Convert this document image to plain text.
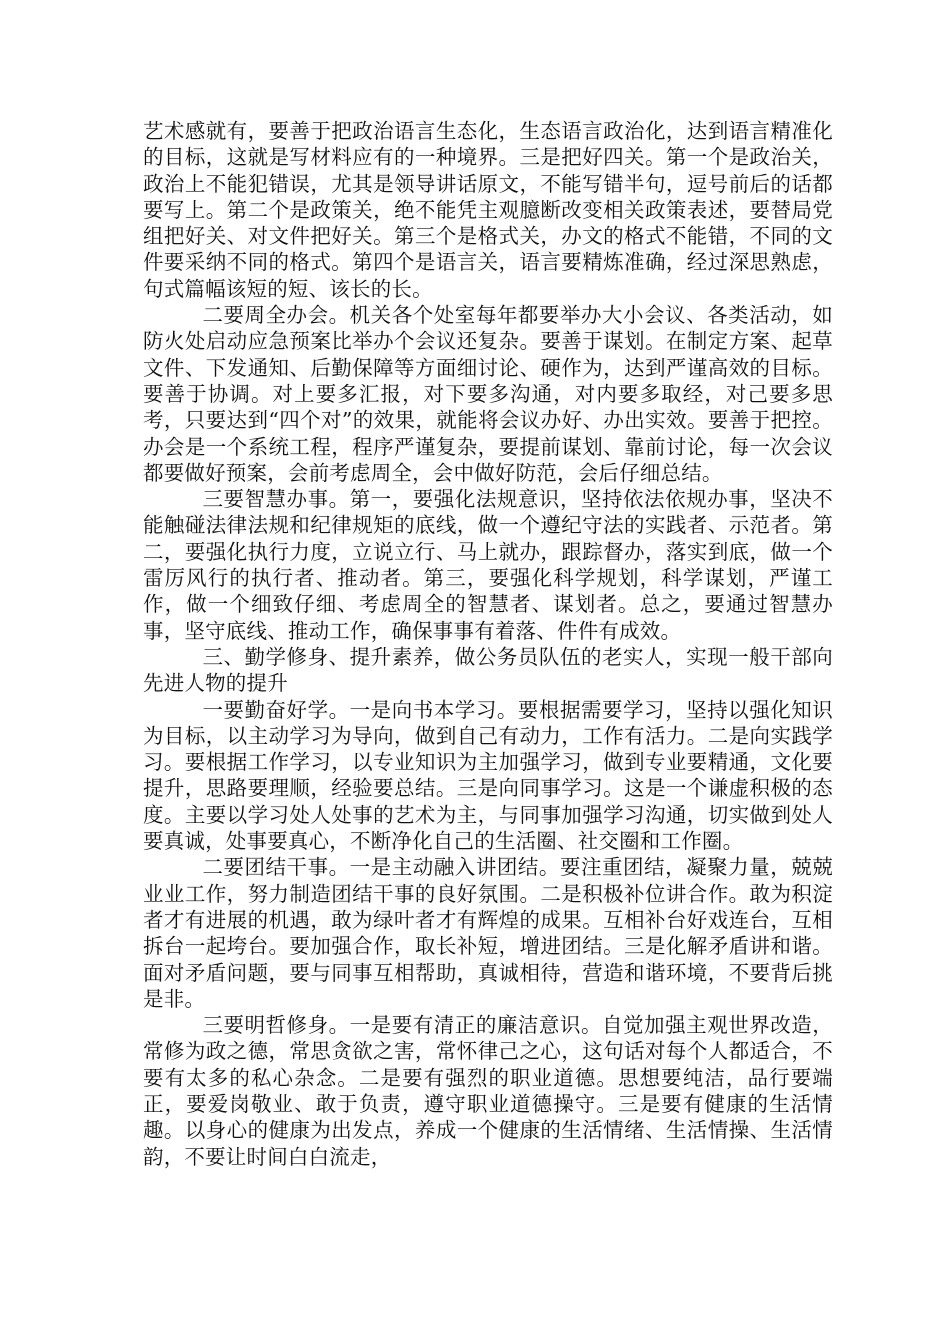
艺术感就有，要善于把政治语言生态化，生态语言政治化，达到语言精准化的目标，这就是写材料应有的一种境界。三是把好四关。第一个是政治关，政治上不能犯错误，尤其是领导讲话原文，不能写错半句，逗号前后的话都要写上。第二个是政策关，绝不能凭主观臆断改变相关政策表述，要替局党组把好关、对文件把好关。第三个是格式关，办文的格式不能错，不同的文件要采纳不同的格式。第四个是语言关，语言要精炼准确，经过深思熟虑，句式篇幅该短的短、该长的长。

二要周全办会。机关各个处室每年都要举办大小会议、各类活动，如防火处启动应急预案比举办个会议还复杂。要善于谋划。在制定方案、起草文件、下发通知、后勤保障等方面细讨论、硬作为，达到严谨高效的目标。要善于协调。对上要多汇报，对下要多沟通，对内要多取经，对己要多思考，只要达到“四个对”的效果，就能将会议办好、办出实效。要善于把控。办会是一个系统工程，程序严谨复杂，要提前谋划、靠前讨论，每一次会议都要做好预案，会前考虑周全，会中做好防范，会后仔细总结。

三要智慧办事。第一，要强化法规意识，坚持依法依规办事，坚决不能触碰法律法规和纪律规矩的底线，做一个遵纪守法的实践者、示范者。第二，要强化执行力度，立说立行、马上就办，跟踪督办，落实到底，做一个雷厉风行的执行者、推动者。第三，要强化科学规划，科学谋划，严谨工作，做一个细致仔细、考虑周全的智慧者、谋划者。总之，要通过智慧办事，坚守底线、推动工作，确保事事有着落、件件有成效。

三、勤学修身、提升素养，做公务员队伍的老实人，实现一般干部向先进人物的提升

一要勤奋好学。一是向书本学习。要根据需要学习，坚持以强化知识为目标，以主动学习为导向，做到自己有动力，工作有活力。二是向实践学习。要根据工作学习，以专业知识为主加强学习，做到专业要精通，文化要提升，思路要理顺，经验要总结。三是向同事学习。这是一个谦虚积极的态度。主要以学习处人处事的艺术为主，与同事加强学习沟通，切实做到处人要真诚，处事要真心，不断净化自己的生活圈、社交圈和工作圈。

二要团结干事。一是主动融入讲团结。要注重团结，凝聚力量，兢兢业业工作，努力制造团结干事的良好氛围。二是积极补位讲合作。敢为积淀者才有进展的机遇，敢为绿叶者才有辉煌的成果。互相补台好戏连台，互相拆台一起垮台。要加强合作，取长补短，增进团结。三是化解矛盾讲和谐。面对矛盾问题，要与同事互相帮助，真诚相待，营造和谐环境，不要背后挑是非。

三要明哲修身。一是要有清正的廉洁意识。自觉加强主观世界改造，常修为政之德，常思贪欲之害，常怀律己之心，这句话对每个人都适合，不要有太多的私心杂念。二是要有强烈的职业道德。思想要纯洁，品行要端正，要爱岗敬业、敢于负责，遵守职业道德操守。三是要有健康的生活情趣。以身心的健康为出发点，养成一个健康的生活情绪、生活情操、生活情韵，不要让时间白白流走，
